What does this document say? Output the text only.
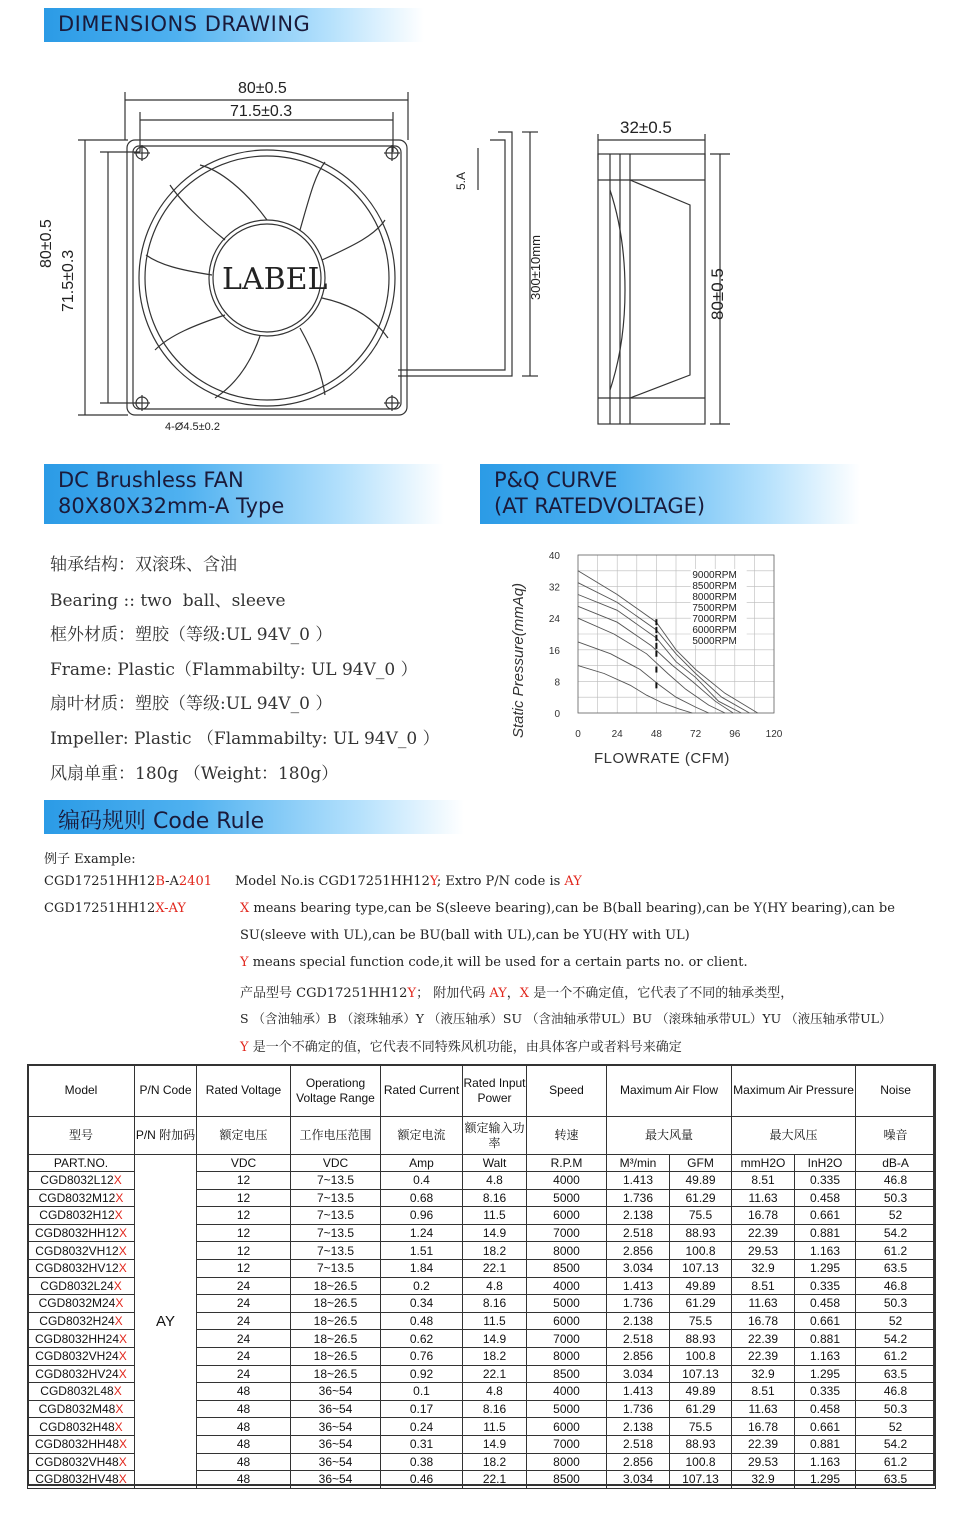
DIMENSIONS DRAWING
80±0.5
71.5±0.3
80±0.5
71.5±0.3	LABEL
4-Ø4.5±0.2
5.A
300±10mm
32±0.5
80±0.5
DC Brushless FAN
80X80X32mm-A Type
P&Q CURVE
(AT RATEDVOLTAGE)
轴承结构：双滚珠、含油
Bearing :: two  ball、sleeve
框外材质：塑胶（等级:UL 94V_0 ）
Frame: Plastic（Flammabilty: UL 94V_0 ）
扇叶材质：塑胶（等级:UL 94V_0 ）
Impeller: Plastic （Flammabilty: UL 94V_0 ）
风扇单重：180g （Weight：180g）
Static Pressure(mmAq)	0	24	48	72	96	120
0
8
16
24
32
40
9000RPM
8500RPM
8000RPM
7500RPM
7000RPM
6000RPM
5000RPM
FLOWRATE (CFM)
编码规则 Code Rule
例子 Example:
CGD17251HH12B-A2401
CGD17251HH12X-AY
Model No.is CGD17251HH12Y; Extro P/N code is AY
X means bearing type,can be S(sleeve bearing),can be B(ball bearing),can be Y(HY bearing),can be
SU(sleeve with UL),can be BU(ball with UL),can be YU(HY with UL)
Y means special function code,it will be used for a certain parts no. or client.
产品型号 CGD17251HH12Y； 附加代码 AY，X 是一个不确定值，它代表了不同的轴承类型，
S （含油轴承）B （滚珠轴承）Y （液压轴承）SU （含油轴承带UL）BU （滚珠轴承带UL）YU （液压轴承带UL）
Y 是一个不确定的值，它代表不同特殊风机功能，由具体客户或者料号来确定
Model	P/N Code	Rated Voltage	Operationg Voltage Range	Rated Current	Rated Input Power	Speed	Maximum Air Flow		Maximum Air Pressure		Noise
型号	P/N 附加码	额定电压	工作电压范围	额定电流	额定输入功率	转速	最大风量		最大风压		噪音
PART.NO.	AY	VDC	VDC	Amp	Walt	R.P.M	M³/min	GFM	mmH2O	InH2O	dB-A
CGD8032L12X		12	7~13.5	0.4	4.8	4000	1.413	49.89	8.51	0.335	46.8
CGD8032M12X		12	7~13.5	0.68	8.16	5000	1.736	61.29	11.63	0.458	50.3
CGD8032H12X		12	7~13.5	0.96	11.5	6000	2.138	75.5	16.78	0.661	52
CGD8032HH12X		12	7~13.5	1.24	14.9	7000	2.518	88.93	22.39	0.881	54.2
CGD8032VH12X		12	7~13.5	1.51	18.2	8000	2.856	100.8	29.53	1.163	61.2
CGD8032HV12X		12	7~13.5	1.84	22.1	8500	3.034	107.13	32.9	1.295	63.5
CGD8032L24X		24	18~26.5	0.2	4.8	4000	1.413	49.89	8.51	0.335	46.8
CGD8032M24X		24	18~26.5	0.34	8.16	5000	1.736	61.29	11.63	0.458	50.3
CGD8032H24X		24	18~26.5	0.48	11.5	6000	2.138	75.5	16.78	0.661	52
CGD8032HH24X		24	18~26.5	0.62	14.9	7000	2.518	88.93	22.39	0.881	54.2
CGD8032VH24X		24	18~26.5	0.76	18.2	8000	2.856	100.8	22.39	1.163	61.2
CGD8032HV24X		24	18~26.5	0.92	22.1	8500	3.034	107.13	32.9	1.295	63.5
CGD8032L48X		48	36~54	0.1	4.8	4000	1.413	49.89	8.51	0.335	46.8
CGD8032M48X		48	36~54	0.17	8.16	5000	1.736	61.29	11.63	0.458	50.3
CGD8032H48X		48	36~54	0.24	11.5	6000	2.138	75.5	16.78	0.661	52
CGD8032HH48X		48	36~54	0.31	14.9	7000	2.518	88.93	22.39	0.881	54.2
CGD8032VH48X		48	36~54	0.38	18.2	8000	2.856	100.8	29.53	1.163	61.2
CGD8032HV48X		48	36~54	0.46	22.1	8500	3.034	107.13	32.9	1.295	63.5
